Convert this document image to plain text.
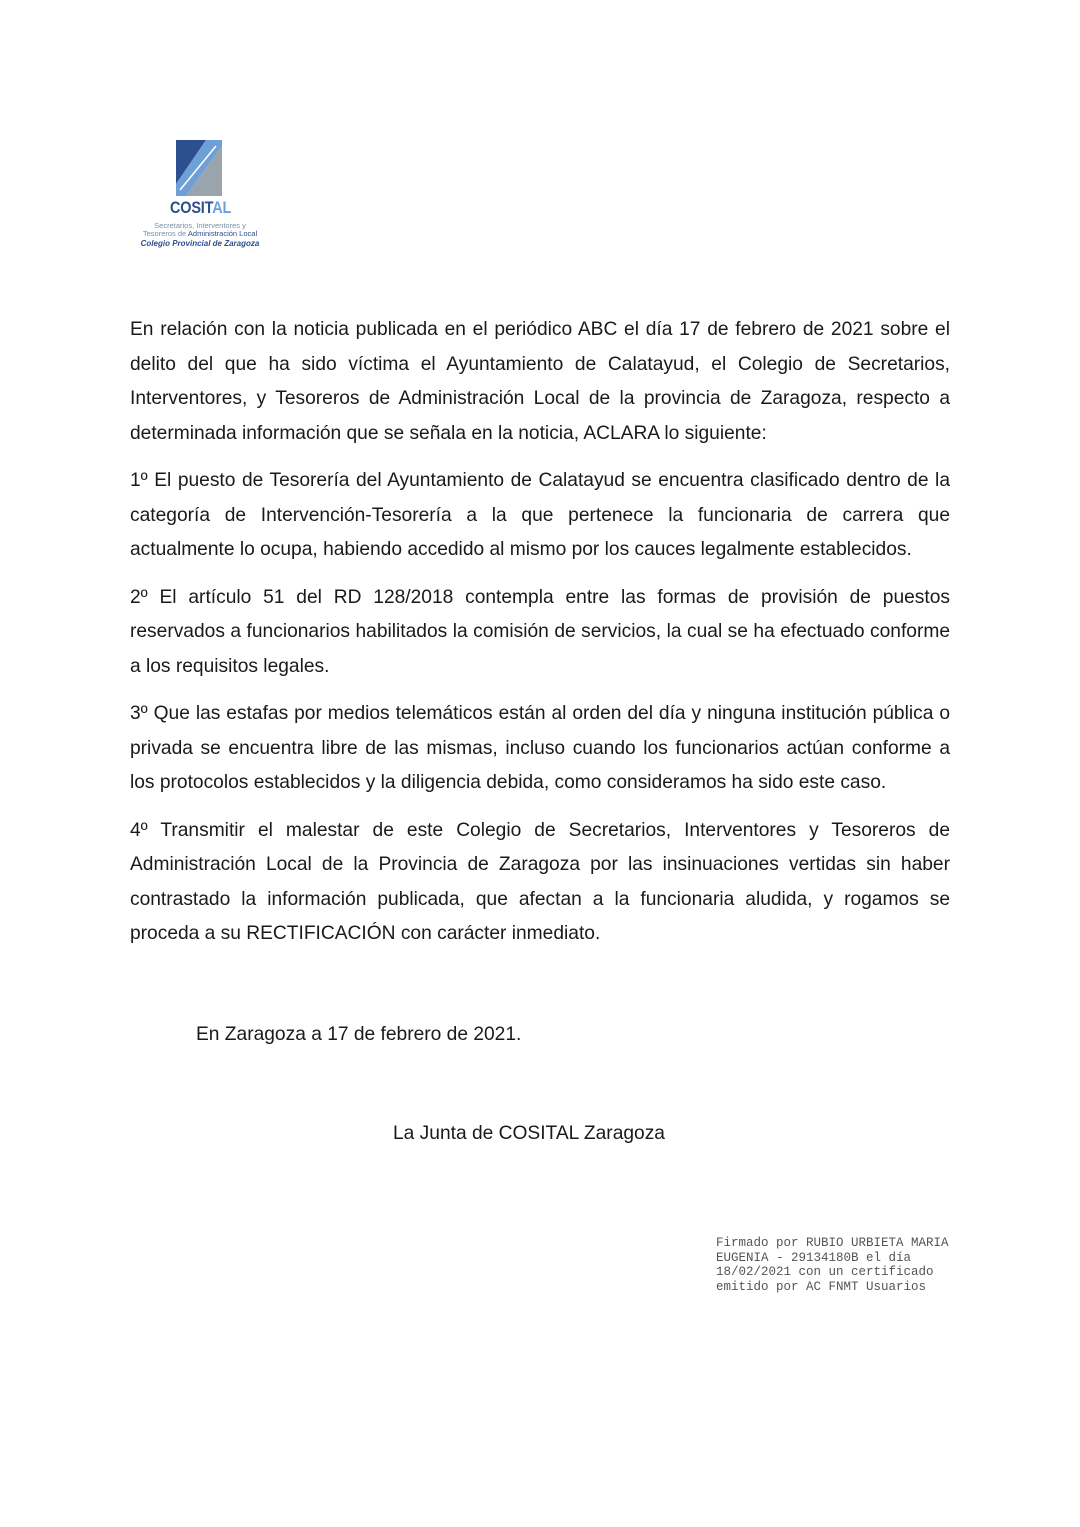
COSITAL
Secretarios, Interventores y
Tesoreros de Administración Local
Colegio Provincial de Zaragoza

En relación con la noticia publicada en el periódico ABC el día 17 de febrero de 2021 sobre el delito del que ha sido víctima el Ayuntamiento de Calatayud, el Colegio de Secretarios, Interventores, y Tesoreros de Administración Local de la provincia de Zaragoza, respecto a determinada información que se señala en la noticia, ACLARA lo siguiente:

1º El puesto de Tesorería del Ayuntamiento de Calatayud se encuentra clasificado dentro de la categoría de Intervención-Tesorería a la que pertenece la funcionaria de carrera que actualmente lo ocupa, habiendo accedido al mismo por los cauces legalmente establecidos.

2º El artículo 51 del RD 128/2018 contempla entre las formas de provisión de puestos reservados a funcionarios habilitados la comisión de servicios, la cual se ha efectuado conforme a los requisitos legales.

3º Que las estafas por medios telemáticos están al orden del día y ninguna institución pública o privada se encuentra libre de las mismas, incluso cuando los funcionarios actúan conforme a los protocolos establecidos y la diligencia debida, como consideramos ha sido este caso.

4º Transmitir el malestar de este Colegio de Secretarios, Interventores y Tesoreros de Administración Local de la Provincia de Zaragoza por las insinuaciones vertidas sin haber contrastado la información publicada, que afectan a la funcionaria aludida, y rogamos se proceda a su RECTIFICACIÓN con carácter inmediato.

En Zaragoza a 17 de febrero de 2021.
La Junta de COSITAL Zaragoza
Firmado por RUBIO URBIETA MARIA
EUGENIA - 29134180B el día
18/02/2021 con un certificado
emitido por AC FNMT Usuarios
